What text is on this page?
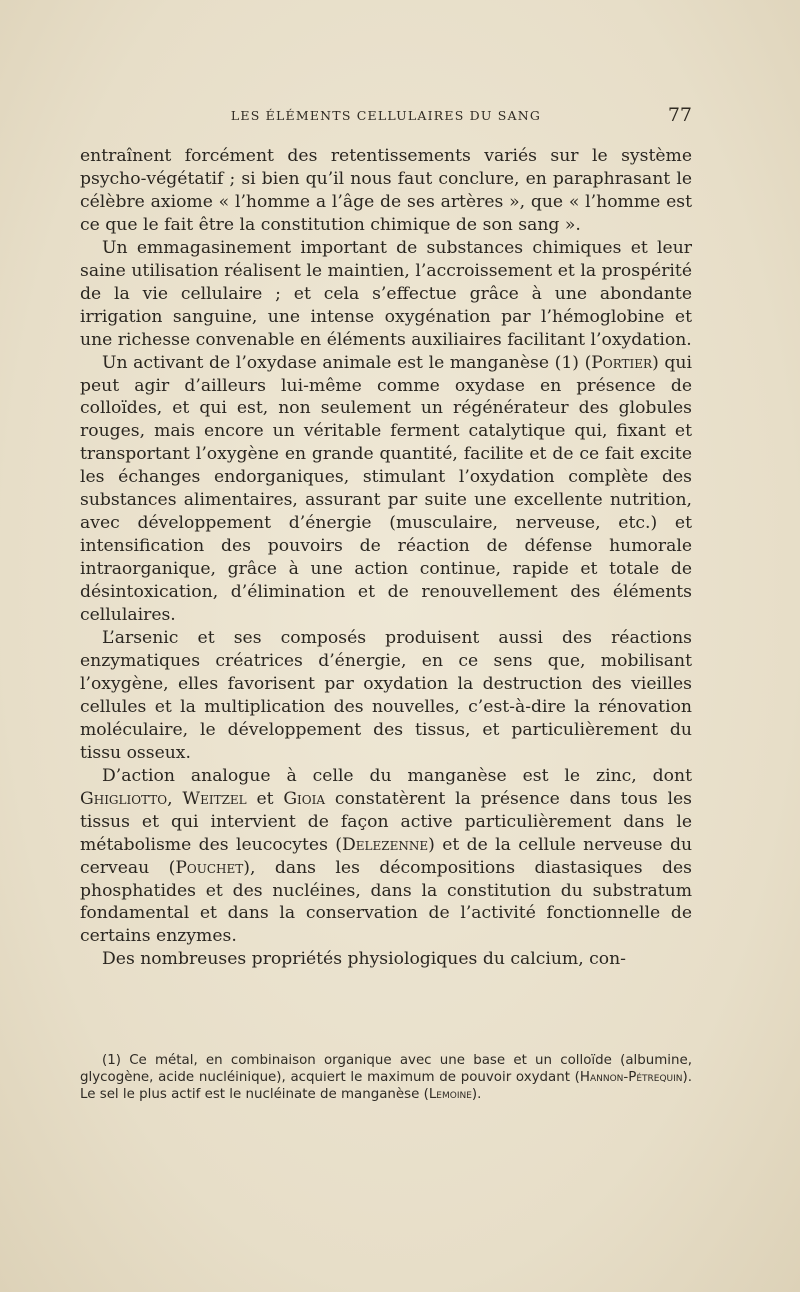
LES ÉLÉMENTS CELLULAIRES DU SANG	77

entraînent forcément des retentissements variés sur le système psycho-végétatif ; si bien qu’il nous faut conclure, en paraphrasant le célèbre axiome « l’homme a l’âge de ses artères », que « l’homme est ce que le fait être la constitution chimique de son sang ».

Un emmagasinement important de substances chimiques et leur saine utilisation réalisent le maintien, l’accroissement et la prospérité de la vie cellulaire ; et cela s’effectue grâce à une abondante irrigation sanguine, une intense oxygénation par l’hémoglobine et une richesse convenable en éléments auxiliaires facilitant l’oxydation.

Un activant de l’oxydase animale est le manganèse (1) (Portier) qui peut agir d’ailleurs lui-même comme oxydase en présence de colloïdes, et qui est, non seulement un régénérateur des globules rouges, mais encore un véritable ferment catalytique qui, fixant et transportant l’oxygène en grande quantité, facilite et de ce fait excite les échanges endorganiques, stimulant l’oxydation complète des substances alimentaires, assurant par suite une excellente nutrition, avec développement d’énergie (musculaire, nerveuse, etc.) et intensification des pouvoirs de réaction de défense humorale intraorganique, grâce à une action continue, rapide et totale de désintoxication, d’élimination et de renouvellement des éléments cellulaires.

L’arsenic et ses composés produisent aussi des réactions enzymatiques créatrices d’énergie, en ce sens que, mobilisant l’oxygène, elles favorisent par oxydation la destruction des vieilles cellules et la multiplication des nouvelles, c’est-à-dire la rénovation moléculaire, le développement des tissus, et particulièrement du tissu osseux.

D’action analogue à celle du manganèse est le zinc, dont Ghigliotto, Weitzel et Gioia constatèrent la présence dans tous les tissus et qui intervient de façon active particulièrement dans le métabolisme des leucocytes (Delezenne) et de la cellule nerveuse du cerveau (Pouchet), dans les décompositions diastasiques des phosphatides et des nucléines, dans la constitution du substratum fondamental et dans la conservation de l’activité fonctionnelle de certains enzymes.

Des nombreuses propriétés physiologiques du calcium, con-

(1) Ce métal, en combinaison organique avec une base et un colloïde (albumine, glycogène, acide nucléinique), acquiert le maximum de pouvoir oxydant (Hannon-Pétrequin). Le sel le plus actif est le nucléinate de manganèse (Lemoine).
